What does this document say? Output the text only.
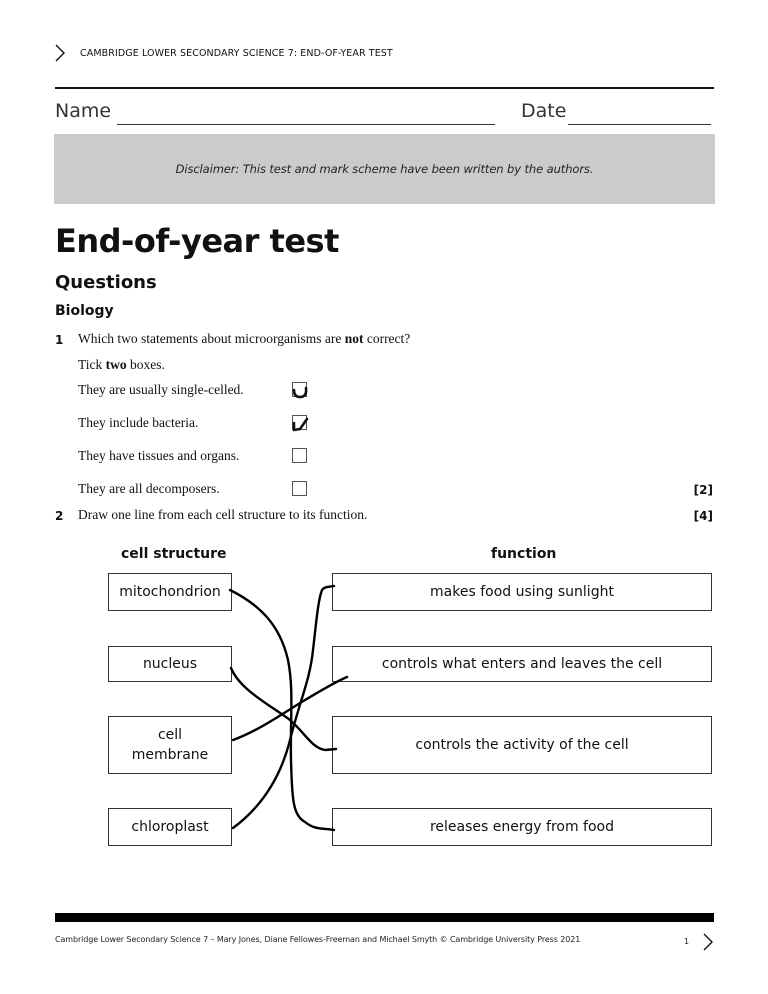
CAMBRIDGE LOWER SECONDARY SCIENCE 7: END-OF-YEAR TEST
Name	Date
Disclaimer: This test and mark scheme have been written by the authors.
End-of-year test
Questions
Biology
1 Which two statements about microorganisms are not correct?
Tick two boxes.
They are usually single-celled.
They include bacteria.
They have tissues and organs.
They are all decomposers.	[2]
2 Draw one line from each cell structure to its function.	[4]
cell structure	function
mitochondrion
nucleus
cell membrane
chloroplast
makes food using sunlight
controls what enters and leaves the cell
controls the activity of the cell
releases energy from food
Cambridge Lower Secondary Science 7 – Mary Jones, Diane Fellowes-Freeman and Michael Smyth © Cambridge University Press 2021	1
